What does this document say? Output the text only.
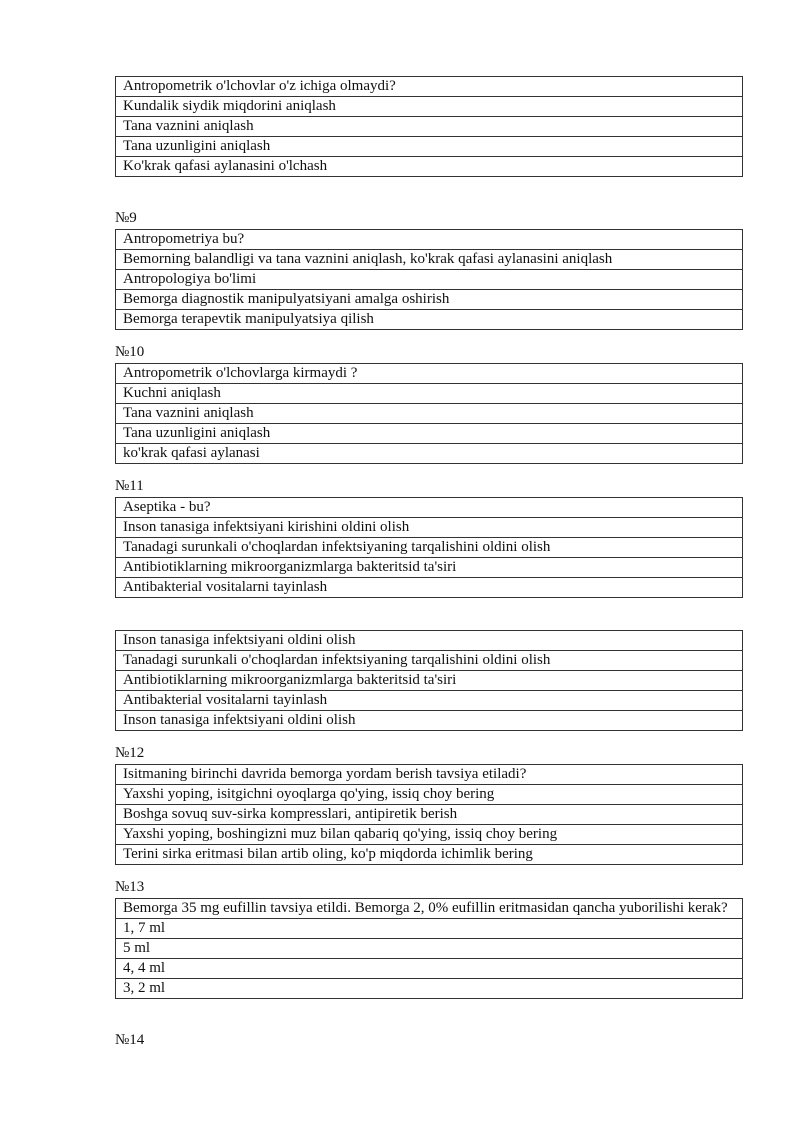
Antropometrik o'lchovlar o'z ichiga olmaydi?
Kundalik siydik miqdorini aniqlash
Tana vaznini aniqlash
Tana uzunligini aniqlash
Ko'krak qafasi aylanasini o'lchash
№9
Antropometriya bu?
Bemorning balandligi va tana vaznini aniqlash, ko'krak qafasi aylanasini aniqlash
Antropologiya bo'limi
Bemorga diagnostik manipulyatsiyani amalga oshirish
Bemorga terapevtik manipulyatsiya qilish
№10
Antropometrik o'lchovlarga kirmaydi ?
Kuchni aniqlash
Tana vaznini aniqlash
Tana uzunligini aniqlash
ko'krak qafasi aylanasi
№11
Aseptika - bu?
Inson tanasiga infektsiyani kirishini oldini olish
Tanadagi surunkali o'choqlardan infektsiyaning tarqalishini oldini olish
Antibiotiklarning mikroorganizmlarga bakteritsid ta'siri
Antibakterial vositalarni tayinlash
Inson tanasiga infektsiyani oldini olish
Tanadagi surunkali o'choqlardan infektsiyaning tarqalishini oldini olish
Antibiotiklarning mikroorganizmlarga bakteritsid ta'siri
Antibakterial vositalarni tayinlash
Inson tanasiga infektsiyani oldini olish
№12
Isitmaning birinchi davrida bemorga yordam berish tavsiya etiladi?
Yaxshi yoping, isitgichni oyoqlarga qo'ying, issiq choy bering
Boshga sovuq suv-sirka kompresslari, antipiretik berish
Yaxshi yoping, boshingizni muz bilan qabariq qo'ying, issiq choy bering
Terini sirka eritmasi bilan artib oling, ko'p miqdorda ichimlik bering
№13
Bemorga 35 mg eufillin tavsiya etildi. Bemorga 2, 0% eufillin eritmasidan qancha yuborilishi kerak?
1, 7 ml
5 ml
4, 4 ml
3, 2 ml
№14
